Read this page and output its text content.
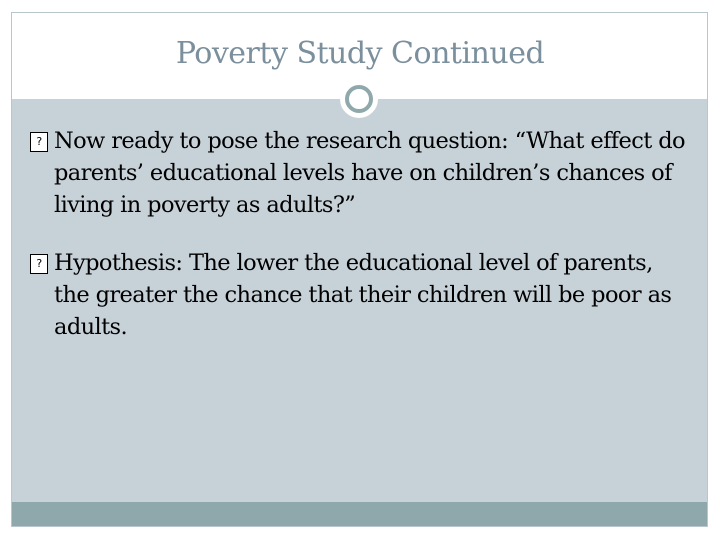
Poverty Study Continued
? Now ready to pose the research question: “What effect do parents’ educational levels have on children’s chances of living in poverty as adults?”
? Hypothesis: The lower the educational level of parents, the greater the chance that their children will be poor as adults.
